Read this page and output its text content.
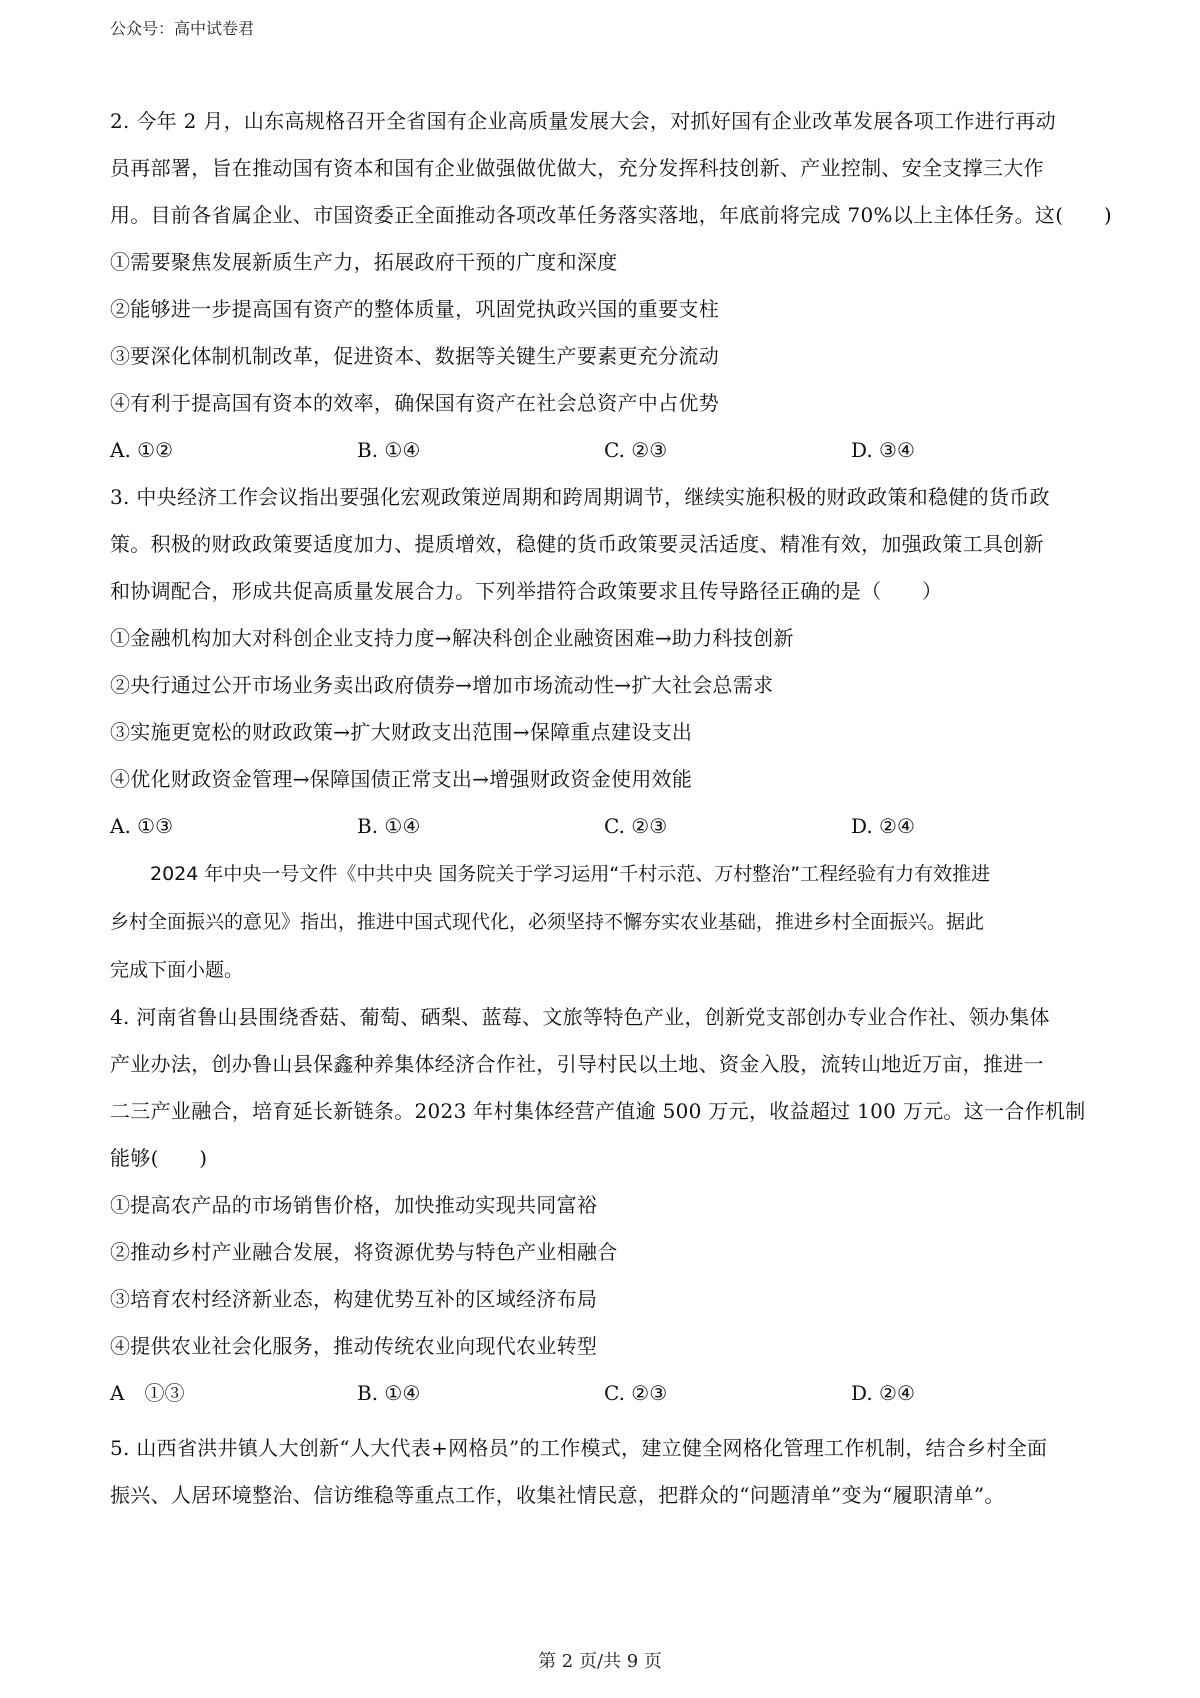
公众号：高中试卷君
2. 今年 2 月，山东高规格召开全省国有企业高质量发展大会，对抓好国有企业改革发展各项工作进行再动
员再部署，旨在推动国有资本和国有企业做强做优做大，充分发挥科技创新、产业控制、安全支撑三大作
用。目前各省属企业、市国资委正全面推动各项改革任务落实落地，年底前将完成 70%以上主体任务。这(　　)
①需要聚焦发展新质生产力，拓展政府干预的广度和深度
②能够进一步提高国有资产的整体质量，巩固党执政兴国的重要支柱
③要深化体制机制改革，促进资本、数据等关键生产要素更充分流动
④有利于提高国有资本的效率，确保国有资产在社会总资产中占优势
A. ①②	B. ①④	C. ②③	D. ③④
3. 中央经济工作会议指出要强化宏观政策逆周期和跨周期调节，继续实施积极的财政政策和稳健的货币政
策。积极的财政政策要适度加力、提质增效，稳健的货币政策要灵活适度、精准有效，加强政策工具创新
和协调配合，形成共促高质量发展合力。下列举措符合政策要求且传导路径正确的是（　　）
①金融机构加大对科创企业支持力度→解决科创企业融资困难→助力科技创新
②央行通过公开市场业务卖出政府债券→增加市场流动性→扩大社会总需求
③实施更宽松的财政政策→扩大财政支出范围→保障重点建设支出
④优化财政资金管理→保障国债正常支出→增强财政资金使用效能
A. ①③	B. ①④	C. ②③	D. ②④
2024 年中央一号文件《中共中央 国务院关于学习运用“千村示范、万村整治”工程经验有力有效推进
乡村全面振兴的意见》指出，推进中国式现代化，必须坚持不懈夯实农业基础，推进乡村全面振兴。据此
完成下面小题。
4. 河南省鲁山县围绕香菇、葡萄、硒梨、蓝莓、文旅等特色产业，创新党支部创办专业合作社、领办集体
产业办法，创办鲁山县保鑫种养集体经济合作社，引导村民以土地、资金入股，流转山地近万亩，推进一
二三产业融合，培育延长新链条。2023 年村集体经营产值逾 500 万元，收益超过 100 万元。这一合作机制
能够(　　)
①提高农产品的市场销售价格，加快推动实现共同富裕
②推动乡村产业融合发展，将资源优势与特色产业相融合
③培育农村经济新业态，构建优势互补的区域经济布局
④提供农业社会化服务，推动传统农业向现代农业转型
A　①③	B. ①④	C. ②③	D. ②④
5. 山西省洪井镇人大创新“人大代表+网格员”的工作模式，建立健全网格化管理工作机制，结合乡村全面
振兴、人居环境整治、信访维稳等重点工作，收集社情民意，把群众的“问题清单”变为“履职清单”。
第 2 页/共 9 页
